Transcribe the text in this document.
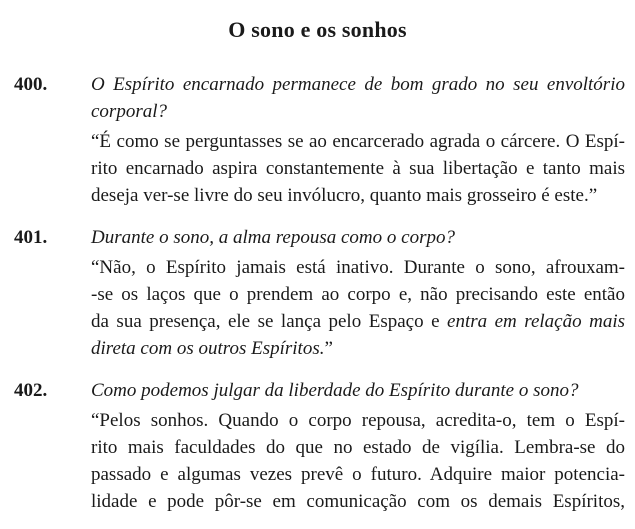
O sono e os sonhos
400. O Espírito encarnado permanece de bom grado no seu envoltório
corporal?
“É como se perguntasses se ao encarcerado agrada o cárcere. O Espí-
rito encarnado aspira constantemente à sua libertação e tanto mais
deseja ver-se livre do seu invólucro, quanto mais grosseiro é este.”
401. Durante o sono, a alma repousa como o corpo?
“Não, o Espírito jamais está inativo. Durante o sono, afrouxam-
-se os laços que o prendem ao corpo e, não precisando este então
da sua presença, ele se lança pelo Espaço e entra em relação mais
direta com os outros Espíritos.”
402. Como podemos julgar da liberdade do Espírito durante o sono?
“Pelos sonhos. Quando o corpo repousa, acredita-o, tem o Espí-
rito mais faculdades do que no estado de vigília. Lembra-se do
passado e algumas vezes prevê o futuro. Adquire maior potencia-
lidade e pode pôr-se em comunicação com os demais Espíritos,
